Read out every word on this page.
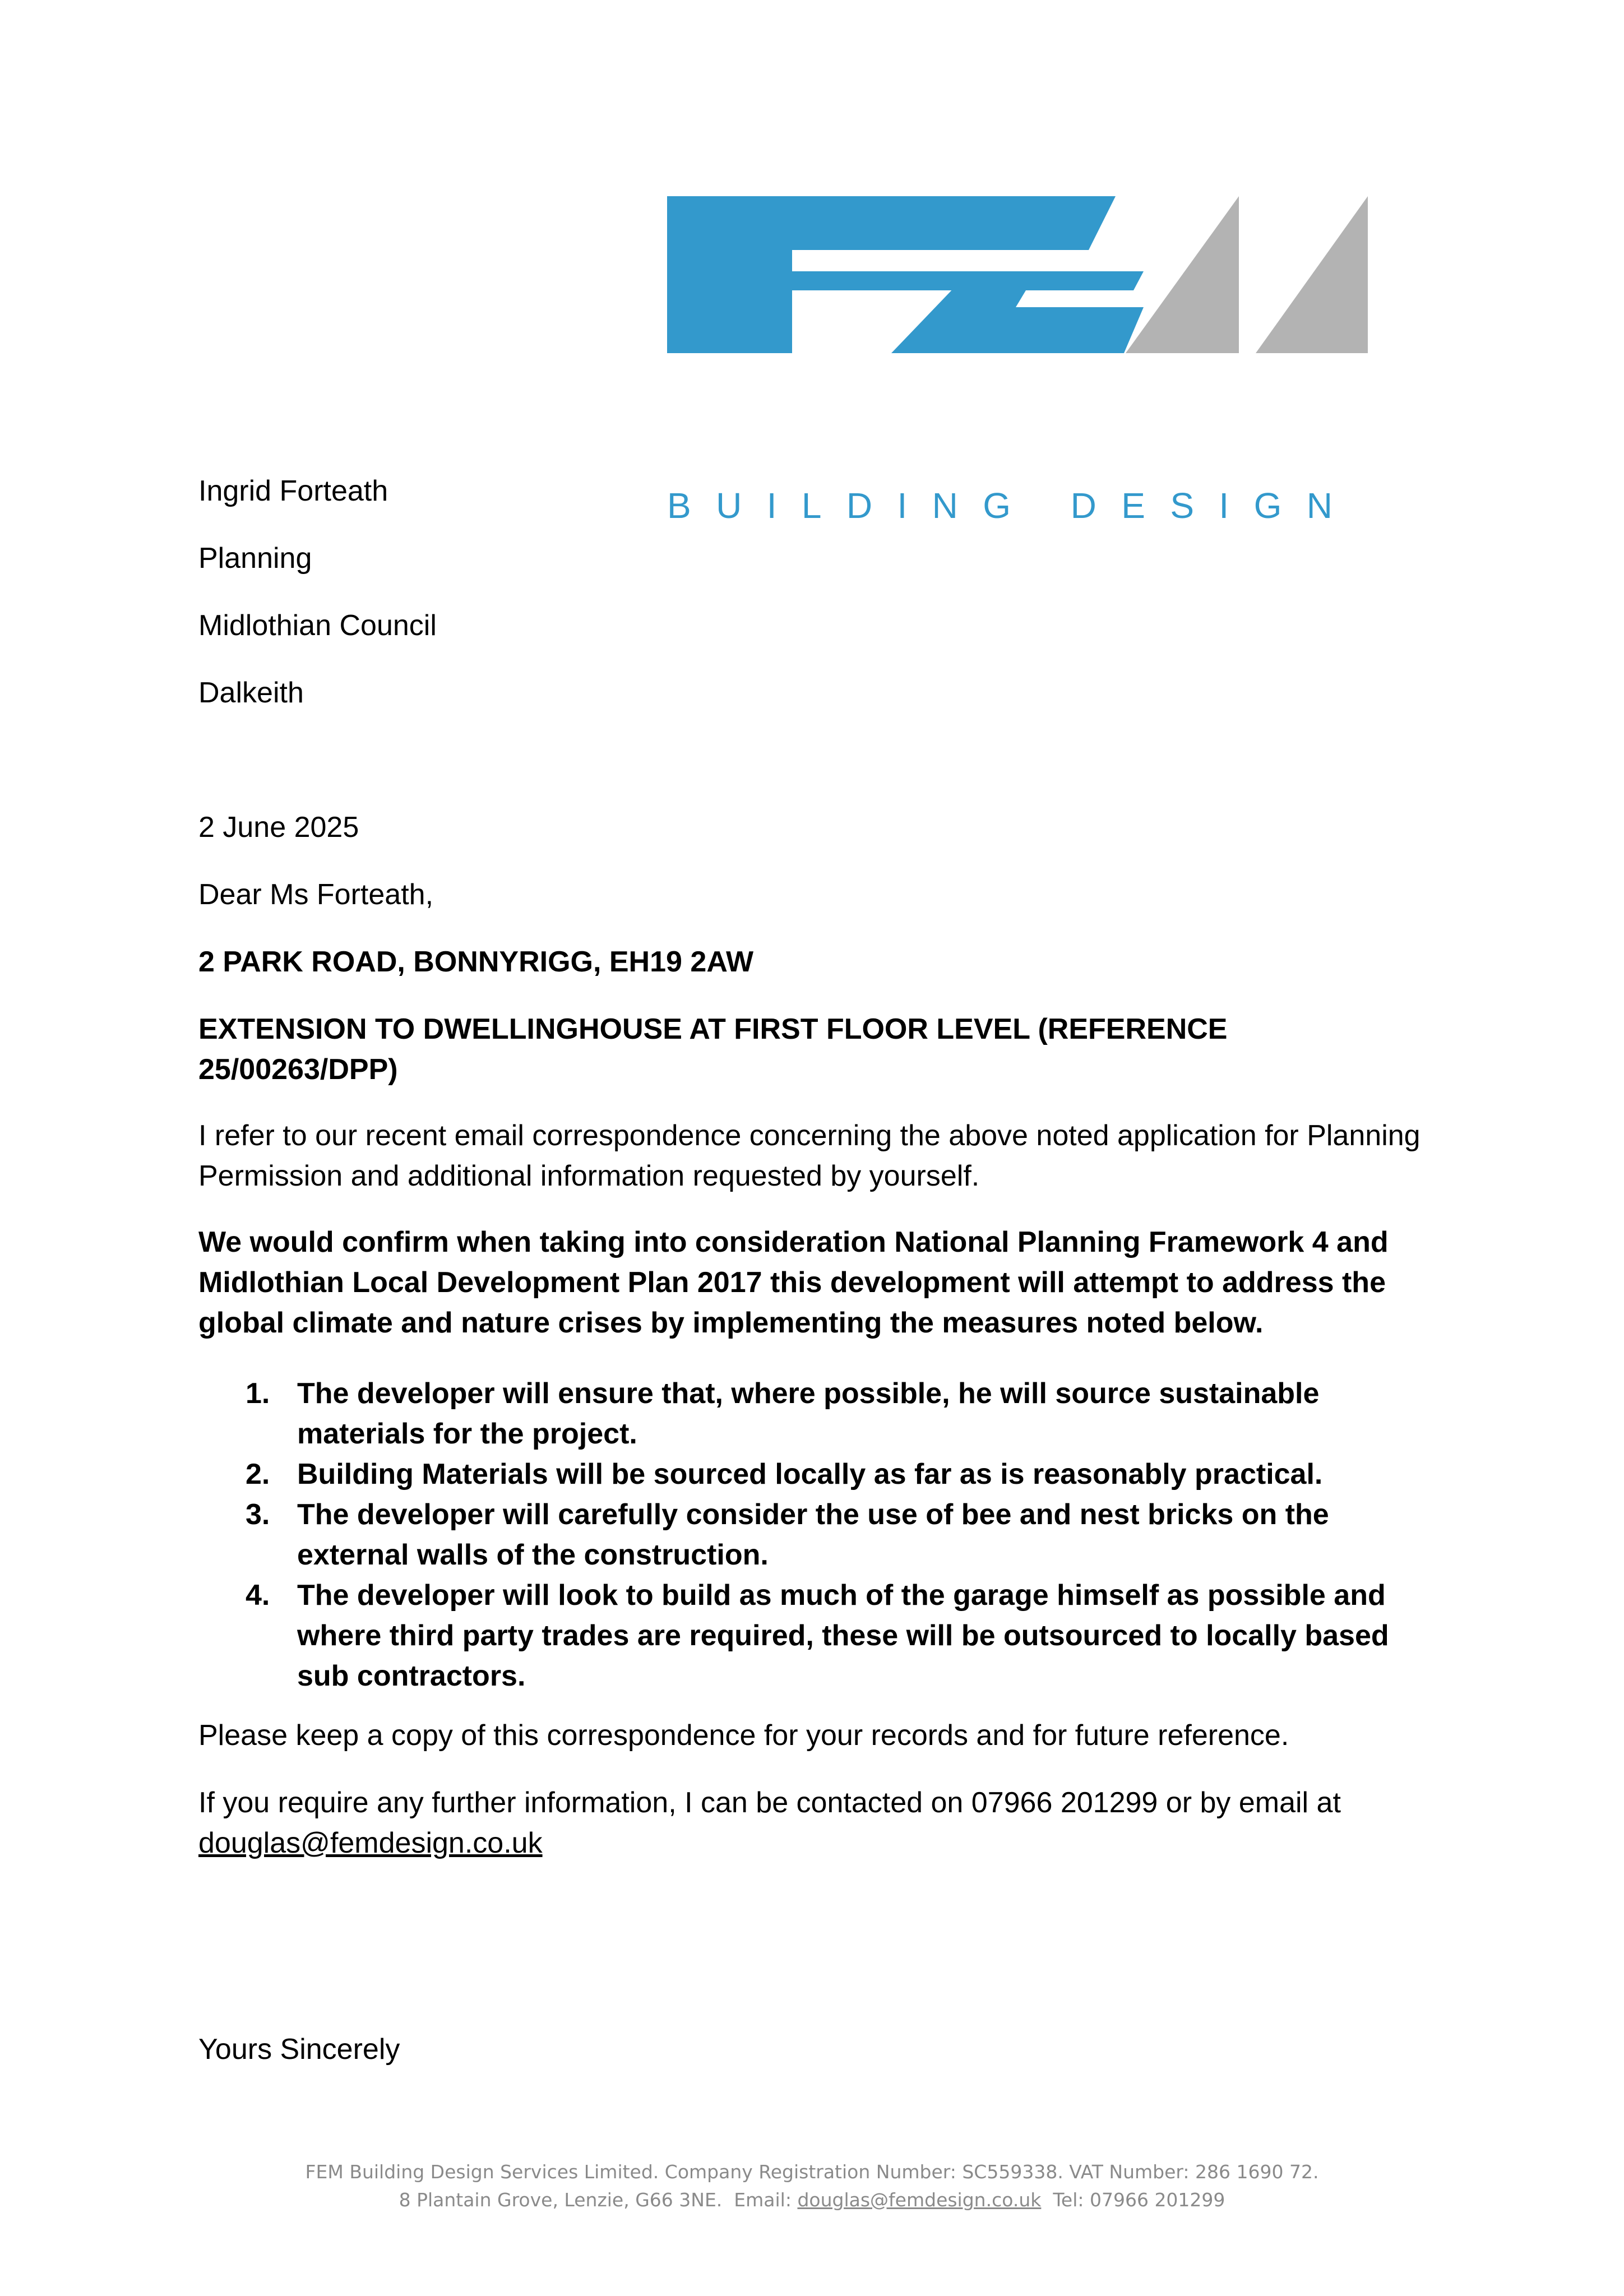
BUILDING DESIGN

Ingrid Forteath

Planning

Midlothian Council

Dalkeith

2 June 2025

Dear Ms Forteath,

2 PARK ROAD, BONNYRIGG, EH19 2AW

EXTENSION TO DWELLINGHOUSE AT FIRST FLOOR LEVEL (REFERENCE 25/00263/DPP)

I refer to our recent email correspondence concerning the above noted application for Planning Permission and additional information requested by yourself.

We would confirm when taking into consideration National Planning Framework 4 and Midlothian Local Development Plan 2017 this development will attempt to address the global climate and nature crises by implementing the measures noted below.

1. The developer will ensure that, where possible, he will source sustainable materials for the project.
2. Building Materials will be sourced locally as far as is reasonably practical.
3. The developer will carefully consider the use of bee and nest bricks on the external walls of the construction.
4. The developer will look to build as much of the garage himself as possible and where third party trades are required, these will be outsourced to locally based sub contractors.

Please keep a copy of this correspondence for your records and for future reference.

If you require any further information, I can be contacted on 07966 201299 or by email at
douglas@femdesign.co.uk

Yours Sincerely

FEM Building Design Services Limited. Company Registration Number: SC559338. VAT Number: 286 1690 72.
8 Plantain Grove, Lenzie, G66 3NE. Email: douglas@femdesign.co.uk Tel: 07966 201299
